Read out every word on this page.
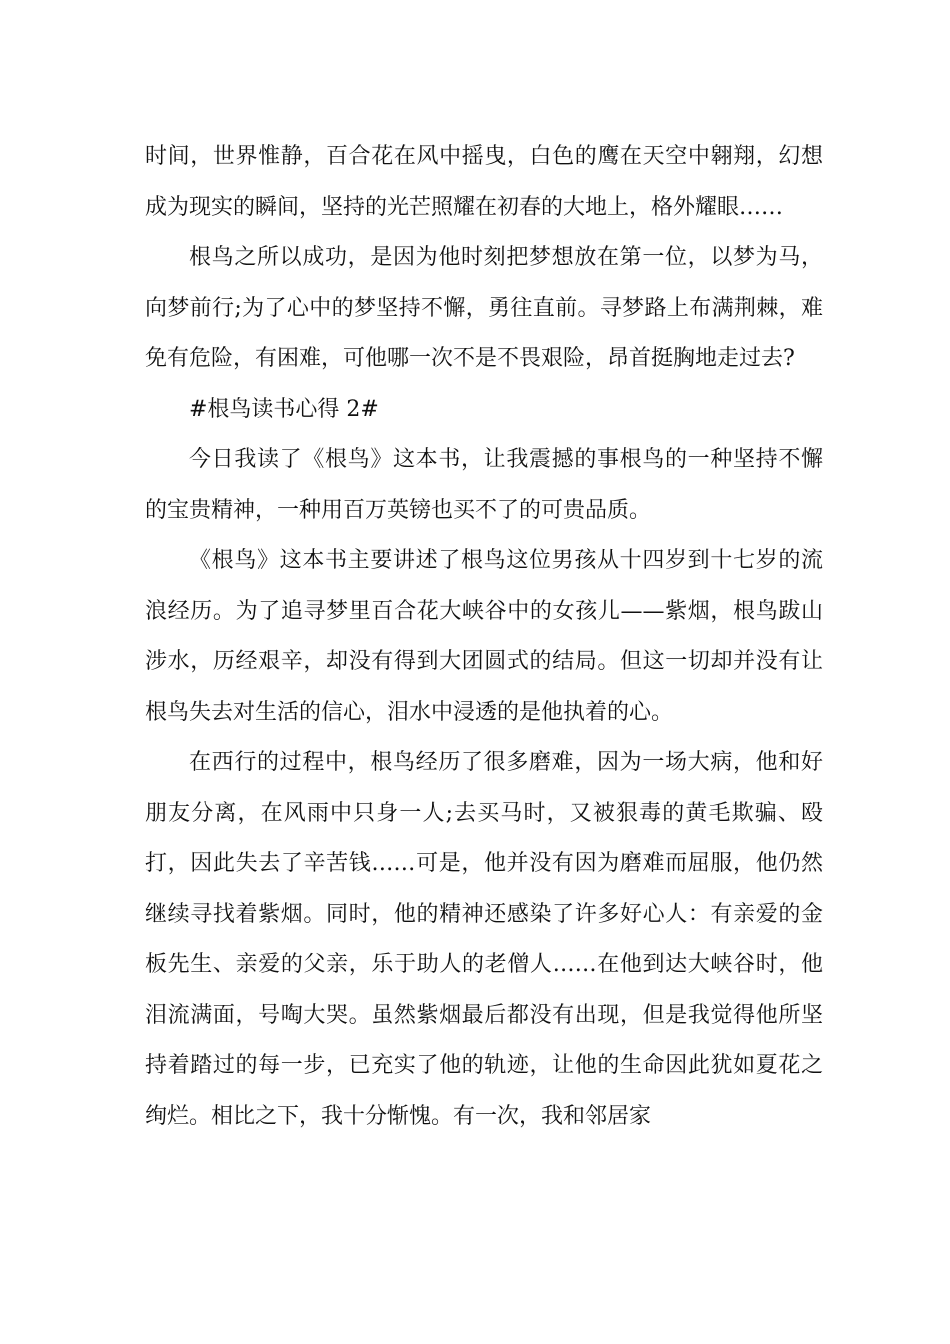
时间，世界惟静，百合花在风中摇曳，白色的鹰在天空中翱翔，幻想成为现实的瞬间，坚持的光芒照耀在初春的大地上，格外耀眼……

根鸟之所以成功，是因为他时刻把梦想放在第一位，以梦为马，向梦前行;为了心中的梦坚持不懈，勇往直前。寻梦路上布满荆棘，难免有危险，有困难，可他哪一次不是不畏艰险，昂首挺胸地走过去?

#根鸟读书心得 2#

今日我读了《根鸟》这本书，让我震撼的事根鸟的一种坚持不懈的宝贵精神，一种用百万英镑也买不了的可贵品质。

《根鸟》这本书主要讲述了根鸟这位男孩从十四岁到十七岁的流浪经历。为了追寻梦里百合花大峡谷中的女孩儿——紫烟，根鸟跋山涉水，历经艰辛，却没有得到大团圆式的结局。但这一切却并没有让根鸟失去对生活的信心，泪水中浸透的是他执着的心。

在西行的过程中，根鸟经历了很多磨难，因为一场大病，他和好朋友分离，在风雨中只身一人;去买马时，又被狠毒的黄毛欺骗、殴打，因此失去了辛苦钱……可是，他并没有因为磨难而屈服，他仍然继续寻找着紫烟。同时，他的精神还感染了许多好心人：有亲爱的金板先生、亲爱的父亲，乐于助人的老僧人……在他到达大峡谷时，他泪流满面，号啕大哭。虽然紫烟最后都没有出现，但是我觉得他所坚持着踏过的每一步，已充实了他的轨迹，让他的生命因此犹如夏花之绚烂。相比之下，我十分惭愧。有一次，我和邻居家
